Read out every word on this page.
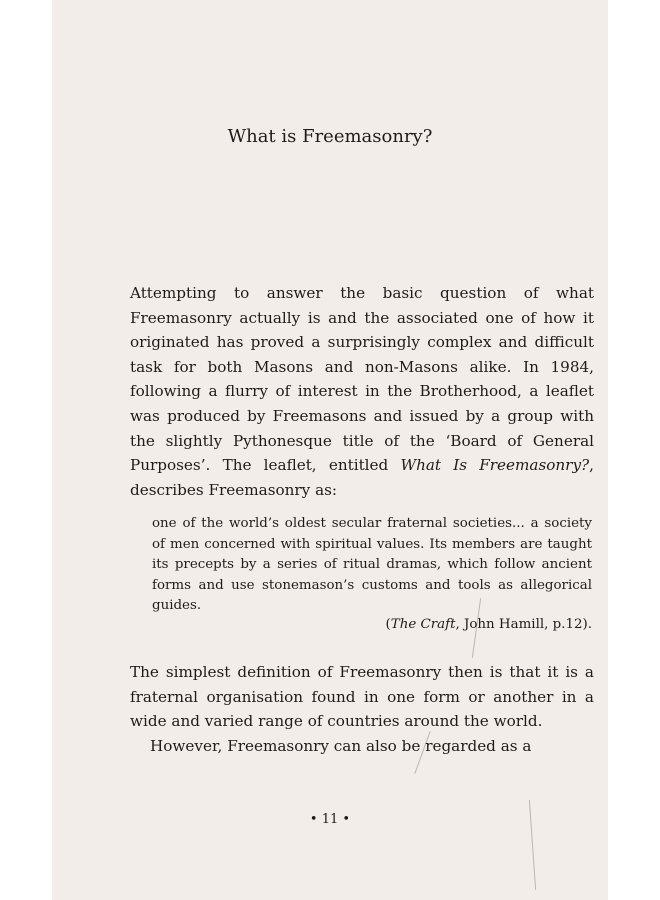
What is Freemasonry?

Attempting to answer the basic question of what Freemasonry actually is and the associated one of how it originated has proved a surprisingly complex and difficult task for both Masons and non-Masons alike. In 1984, following a flurry of interest in the Brotherhood, a leaflet was produced by Freemasons and issued by a group with the slightly Pythonesque title of the ‘Board of General Purposes’. The leaflet, entitled What Is Freemasonry?, describes Freemasonry as:

one of the world’s oldest secular fraternal societies... a society of men concerned with spiritual values. Its members are taught its precepts by a series of ritual dramas, which follow ancient forms and use stonemason’s customs and tools as allegorical guides.

(The Craft, John Hamill, p.12).

The simplest definition of Freemasonry then is that it is a fraternal organisation found in one form or another in a wide and varied range of countries around the world.
However, Freemasonry can also be regarded as a

• 11 •
